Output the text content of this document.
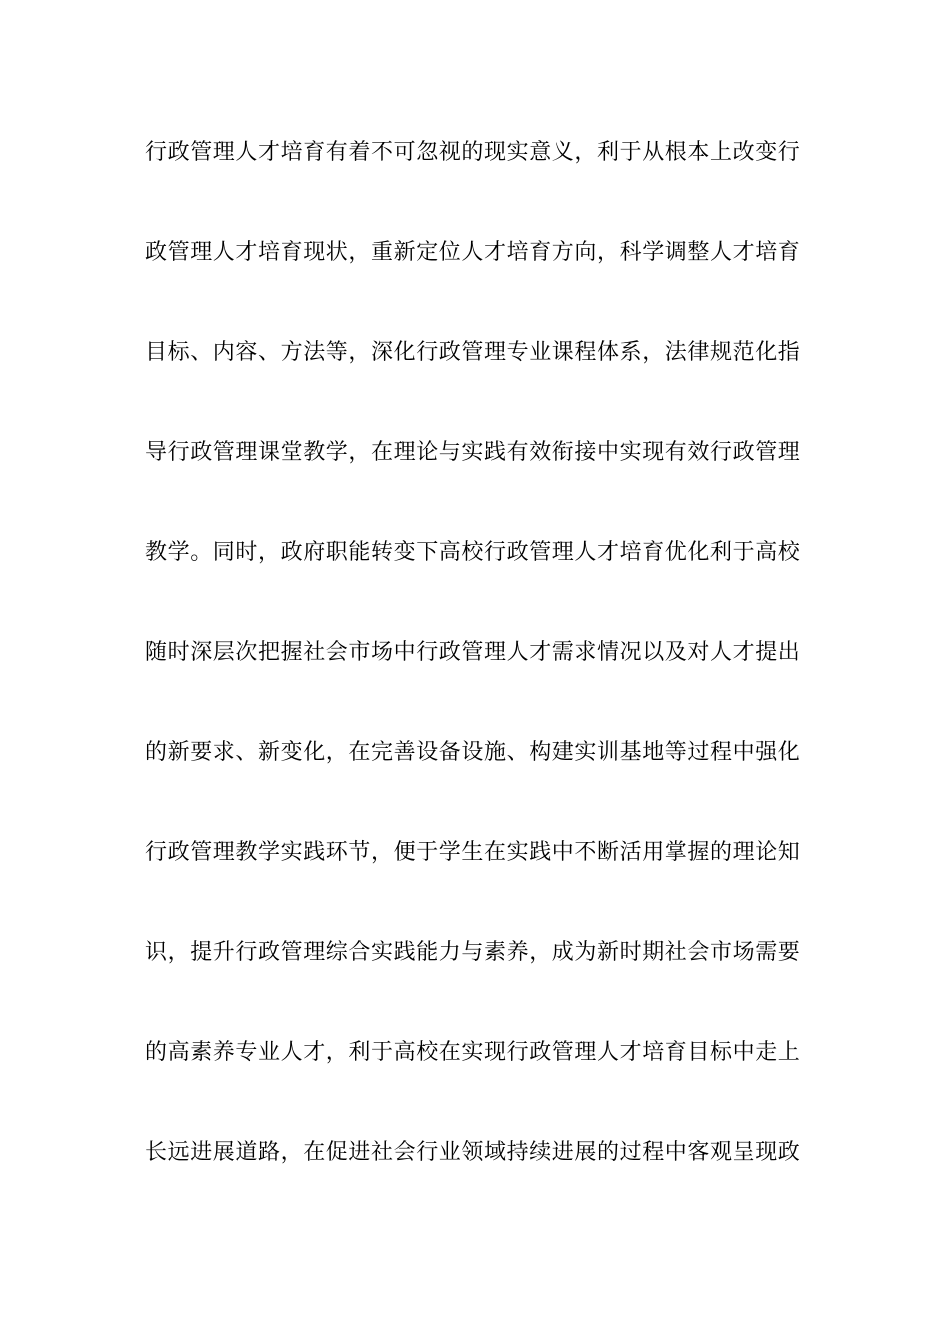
行政管理人才培育有着不可忽视的现实意义，利于从根本上改变行
政管理人才培育现状，重新定位人才培育方向，科学调整人才培育
目标、内容、方法等，深化行政管理专业课程体系，法律规范化指
导行政管理课堂教学，在理论与实践有效衔接中实现有效行政管理
教学。同时，政府职能转变下高校行政管理人才培育优化利于高校
随时深层次把握社会市场中行政管理人才需求情况以及对人才提出
的新要求、新变化，在完善设备设施、构建实训基地等过程中强化
行政管理教学实践环节，便于学生在实践中不断活用掌握的理论知
识，提升行政管理综合实践能力与素养，成为新时期社会市场需要
的高素养专业人才，利于高校在实现行政管理人才培育目标中走上
长远进展道路，在促进社会行业领域持续进展的过程中客观呈现政
